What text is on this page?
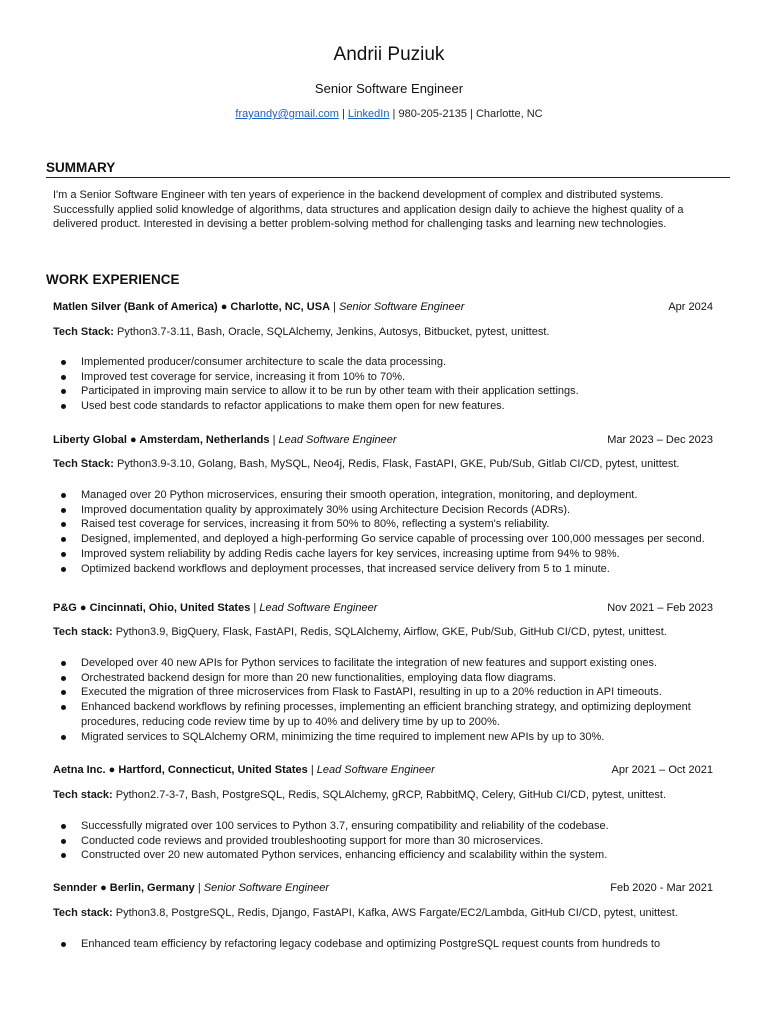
Andrii Puziuk
Senior Software Engineer
frayandy@gmail.com | LinkedIn | 980-205-2135 | Charlotte, NC
SUMMARY
I'm a Senior Software Engineer with ten years of experience in the backend development of complex and distributed systems. Successfully applied solid knowledge of algorithms, data structures and application design daily to achieve the highest quality of a delivered product. Interested in devising a better problem-solving method for challenging tasks and learning new technologies.
WORK EXPERIENCE
Matlen Silver (Bank of America) ● Charlotte, NC, USA | Senior Software Engineer	Apr 2024
Tech Stack: Python3.7-3.11, Bash, Oracle, SQLAlchemy, Jenkins, Autosys, Bitbucket, pytest, unittest.
Implemented producer/consumer architecture to scale the data processing.
Improved test coverage for service, increasing it from 10% to 70%.
Participated in improving main service to allow it to be run by other team with their application settings.
Used best code standards to refactor applications to make them open for new features.
Liberty Global ● Amsterdam, Netherlands | Lead Software Engineer	Mar 2023 – Dec 2023
Tech Stack: Python3.9-3.10, Golang, Bash, MySQL, Neo4j, Redis, Flask, FastAPI, GKE, Pub/Sub, Gitlab CI/CD, pytest, unittest.
Managed over 20 Python microservices, ensuring their smooth operation, integration, monitoring, and deployment.
Improved documentation quality by approximately 30% using Architecture Decision Records (ADRs).
Raised test coverage for services, increasing it from 50% to 80%, reflecting a system's reliability.
Designed, implemented, and deployed a high-performing Go service capable of processing over 100,000 messages per second.
Improved system reliability by adding Redis cache layers for key services, increasing uptime from 94% to 98%.
Optimized backend workflows and deployment processes, that increased service delivery from 5 to 1 minute.
P&G ● Cincinnati, Ohio, United States | Lead Software Engineer	Nov 2021 – Feb 2023
Tech stack: Python3.9, BigQuery, Flask, FastAPI, Redis, SQLAlchemy, Airflow, GKE, Pub/Sub, GitHub CI/CD, pytest, unittest.
Developed over 40 new APIs for Python services to facilitate the integration of new features and support existing ones.
Orchestrated backend design for more than 20 new functionalities, employing data flow diagrams.
Executed the migration of three microservices from Flask to FastAPI, resulting in up to a 20% reduction in API timeouts.
Enhanced backend workflows by refining processes, implementing an efficient branching strategy, and optimizing deployment procedures, reducing code review time by up to 40% and delivery time by up to 200%.
Migrated services to SQLAlchemy ORM, minimizing the time required to implement new APIs by up to 30%.
Aetna Inc. ● Hartford, Connecticut, United States | Lead Software Engineer	Apr 2021 – Oct 2021
Tech stack: Python2.7-3-7, Bash, PostgreSQL, Redis, SQLAlchemy, gRCP, RabbitMQ, Celery, GitHub CI/CD, pytest, unittest.
Successfully migrated over 100 services to Python 3.7, ensuring compatibility and reliability of the codebase.
Conducted code reviews and provided troubleshooting support for more than 30 microservices.
Constructed over 20 new automated Python services, enhancing efficiency and scalability within the system.
Sennder ● Berlin, Germany | Senior Software Engineer	Feb 2020 - Mar 2021
Tech stack: Python3.8, PostgreSQL, Redis, Django, FastAPI, Kafka, AWS Fargate/EC2/Lambda, GitHub CI/CD, pytest, unittest.
Enhanced team efficiency by refactoring legacy codebase and optimizing PostgreSQL request counts from hundreds to
